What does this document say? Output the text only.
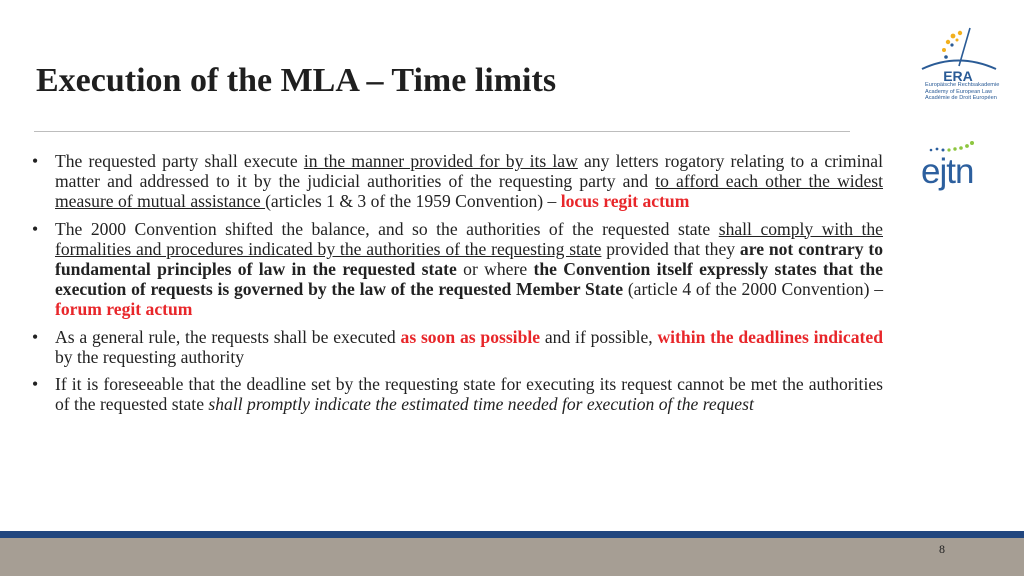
Execution of the MLA – Time limits	ERA
Europäische Rechtsakademie
Academy of European Law
Académie de Droit Européen
ejtn
• The requested party shall execute in the manner provided for by its law any letters rogatory relating to a criminal matter and addressed to it by the judicial authorities of the requesting party and to afford each other the widest measure of mutual assistance (articles 1 & 3 of the 1959 Convention) – locus regit actum
• The 2000 Convention shifted the balance, and so the authorities of the requested state shall comply with the formalities and procedures indicated by the authorities of the requesting state provided that they are not contrary to fundamental principles of law in the requested state or where the Convention itself expressly states that the execution of requests is governed by the law of the requested Member State (article 4 of the 2000 Convention) – forum regit actum
• As a general rule, the requests shall be executed as soon as possible and if possible, within the deadlines indicated by the requesting authority
• If it is foreseeable that the deadline set by the requesting state for executing its request cannot be met the authorities of the requested state shall promptly indicate the estimated time needed for execution of the request
8
